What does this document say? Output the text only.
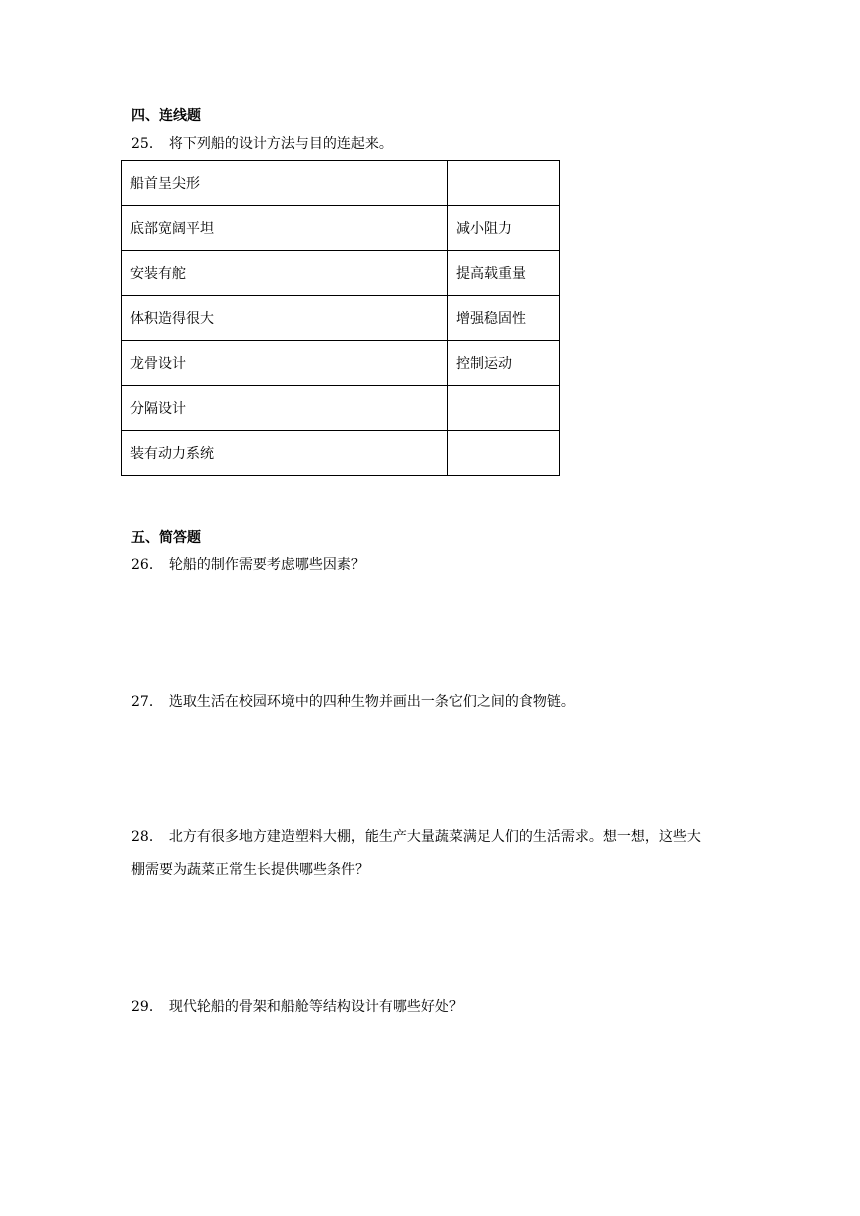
四、连线题
25． 将下列船的设计方法与目的连起来。
船首呈尖形	
底部宽阔平坦	减小阻力
安装有舵	提高载重量
体积造得很大	增强稳固性
龙骨设计	控制运动
分隔设计	
装有动力系统	
五、简答题
26． 轮船的制作需要考虑哪些因素？
27． 选取生活在校园环境中的四种生物并画出一条它们之间的食物链。
28． 北方有很多地方建造塑料大棚，能生产大量蔬菜满足人们的生活需求。想一想，这些大
棚需要为蔬菜正常生长提供哪些条件？
29． 现代轮船的骨架和船舱等结构设计有哪些好处？
